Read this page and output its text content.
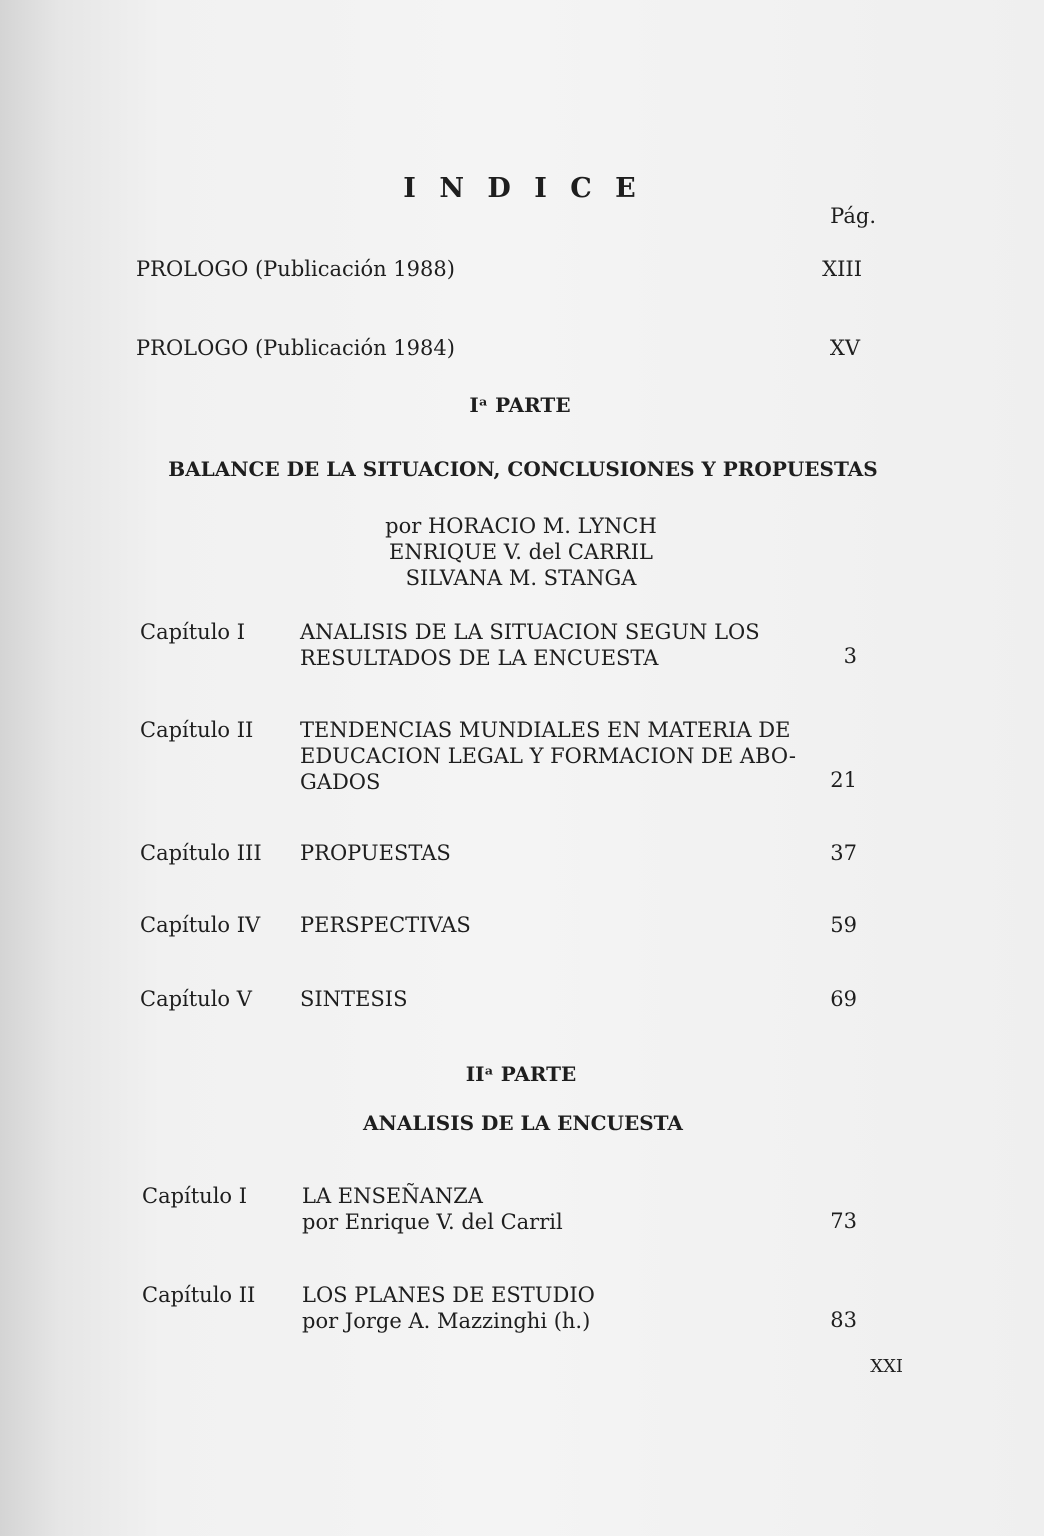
I N D I C E
Pág.
PROLOGO (Publicación 1988)	XIII
PROLOGO (Publicación 1984)	XV
Iᵃ PARTE
BALANCE DE LA SITUACION, CONCLUSIONES Y PROPUESTAS
por HORACIO M. LYNCH
ENRIQUE V. del CARRIL
SILVANA M. STANGA
Capítulo I	ANALISIS DE LA SITUACION SEGUN LOS
RESULTADOS DE LA ENCUESTA	3
Capítulo II TENDENCIAS MUNDIALES EN MATERIA DE
EDUCACION LEGAL Y FORMACION DE ABO-
GADOS	21
Capítulo III PROPUESTAS	37
Capítulo IV PERSPECTIVAS	59
Capítulo V SINTESIS	69
IIᵃ PARTE
ANALISIS DE LA ENCUESTA
Capítulo I	LA ENSEÑANZA
por Enrique V. del Carril	73
Capítulo II LOS PLANES DE ESTUDIO
por Jorge A. Mazzinghi (h.)	83
XXI
